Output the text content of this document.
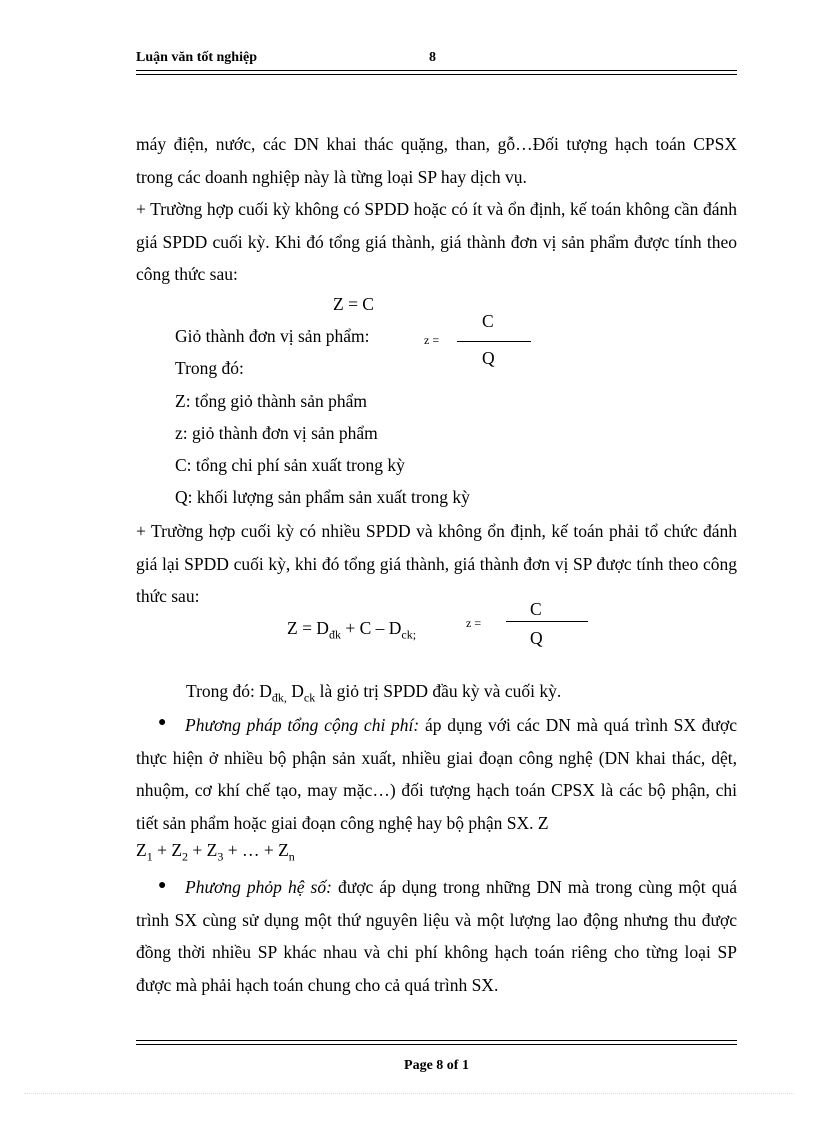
Luận văn tốt nghiệp	8
máy điện, nước, các DN khai thác quặng, than, gỗ…Đối tượng hạch toán CPSX trong các doanh nghiệp này là từng loại SP hay dịch vụ.
+ Trường hợp cuối kỳ không có SPDD hoặc có ít và ổn định, kế toán không cần đánh giá SPDD cuối kỳ. Khi đó tổng giá thành, giá thành đơn vị sản phẩm được tính theo công thức sau:
Z = C
Giỏ thành đơn vị sản phẩm:	z =
C
Q
Trong đó:
Z: tổng giỏ thành sản phẩm
z: giỏ thành đơn vị sản phẩm
C: tổng chi phí sản xuất trong kỳ
Q: khối lượng sản phẩm sản xuất trong kỳ
+ Trường hợp cuối kỳ có nhiều SPDD và không ổn định, kế toán phải tổ chức đánh giá lại SPDD cuối kỳ, khi đó tổng giá thành, giá thành đơn vị SP được tính theo công thức sau:
$Z = D_{đk} + C - D_{ck;}$
z =
C
Q
Trong đó: $D_{đk,}$ $D_{ck}$ là giỏ trị SPDD đầu kỳ và cuối kỳ.
●	Phương pháp tổng cộng chi phí: áp dụng với các DN mà quá trình SX được thực hiện ở nhiều bộ phận sản xuất, nhiều giai đoạn công nghệ (DN khai thác, dệt, nhuộm, cơ khí chế tạo, may mặc…) đối tượng hạch toán CPSX là các bộ phận, chi tiết sản phẩm hoặc giai đoạn công nghệ hay bộ phận SX. Z
$Z_1 + Z_2 + Z_3$ + … + $Z_n$
●	Phương phỏp hệ số: được áp dụng trong những DN mà trong cùng một quá trình SX cùng sử dụng một thứ nguyên liệu và một lượng lao động nhưng thu được đồng thời nhiều SP khác nhau và chi phí không hạch toán riêng cho từng loại SP được mà phải hạch toán chung cho cả quá trình SX.
Page 8 of 1
